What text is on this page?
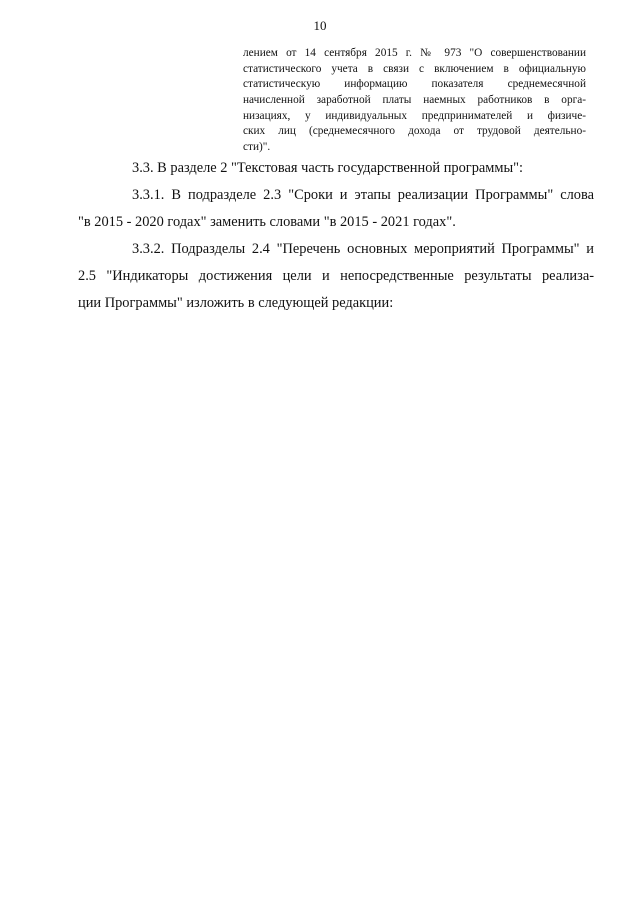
10
лением от 14 сентября 2015 г. № 973 "О совершенствовании
статистического учета в связи с включением в официальную
статистическую информацию показателя среднемесячной
начисленной заработной платы наемных работников в орга-
низациях, у индивидуальных предпринимателей и физиче-
ских лиц (среднемесячного дохода от трудовой деятельно-
сти)".
3.3. В разделе 2 "Текстовая часть государственной программы":
3.3.1. В подразделе 2.3 "Сроки и этапы реализации Программы" слова
"в 2015 - 2020 годах" заменить словами "в 2015 - 2021 годах".
3.3.2. Подразделы 2.4 "Перечень основных мероприятий Программы" и
2.5 "Индикаторы достижения цели и непосредственные результаты реализа-
ции Программы" изложить в следующей редакции:
